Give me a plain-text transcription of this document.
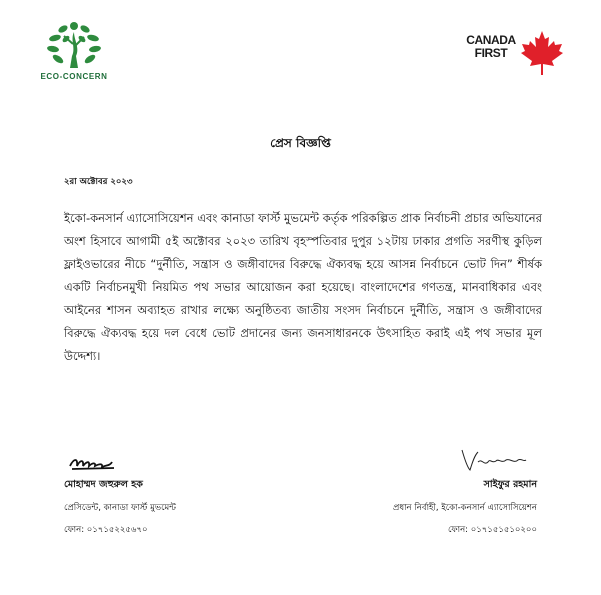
ECO-CONCERN
CANADA
FIRST
প্রেস বিজ্ঞপ্তি
২রা অক্টোবর ২০২৩

ইকো-কনসার্ন এ্যাসোসিয়েশন এবং কানাডা ফার্স্ট মুভমেন্ট কর্তৃক পরিকল্পিত প্রাক নির্বাচনী প্রচার অভিযানের অংশ হিসাবে আগামী ৫ই অক্টোবর ২০২৩ তারিখ বৃহস্পতিবার দুপুর ১২টায় ঢাকার প্রগতি সরণীস্থ কুড়িল ফ্লাইওভারের নীচে “দুর্নীতি, সন্ত্রাস ও জঙ্গীবাদের বিরুদ্ধে ঐক্যবদ্ধ হয়ে আসন্ন নির্বাচনে ভোট দিন” শীর্ষক একটি নির্বাচনমুখী নিয়মিত পথ সভার আয়োজন করা হয়েছে। বাংলাদেশের গণতন্ত্র, মানবাধিকার এবং আইনের শাসন অব্যাহত রাখার লক্ষ্যে অনুষ্ঠিতব্য জাতীয় সংসদ নির্বাচনে দুর্নীতি, সন্ত্রাস ও জঙ্গীবাদের বিরুদ্ধে ঐক্যবদ্ধ হয়ে দল বেধে ভোট প্রদানের জন্য জনসাধারনকে উৎসাহিত করাই এই পথ সভার মূল উদ্দেশ্য।

মোহাম্মদ জহুরুল হক
প্রেসিডেন্ট, কানাডা ফার্স্ট মুভমেন্ট
ফোন: ০১৭১৫২২৫৬৭০
সাইফুর রহমান
প্রধান নির্বাহী, ইকো-কনসার্ন এ্যাসোসিয়েশন
ফোন: ০১৭১৫১৫১০২০০
